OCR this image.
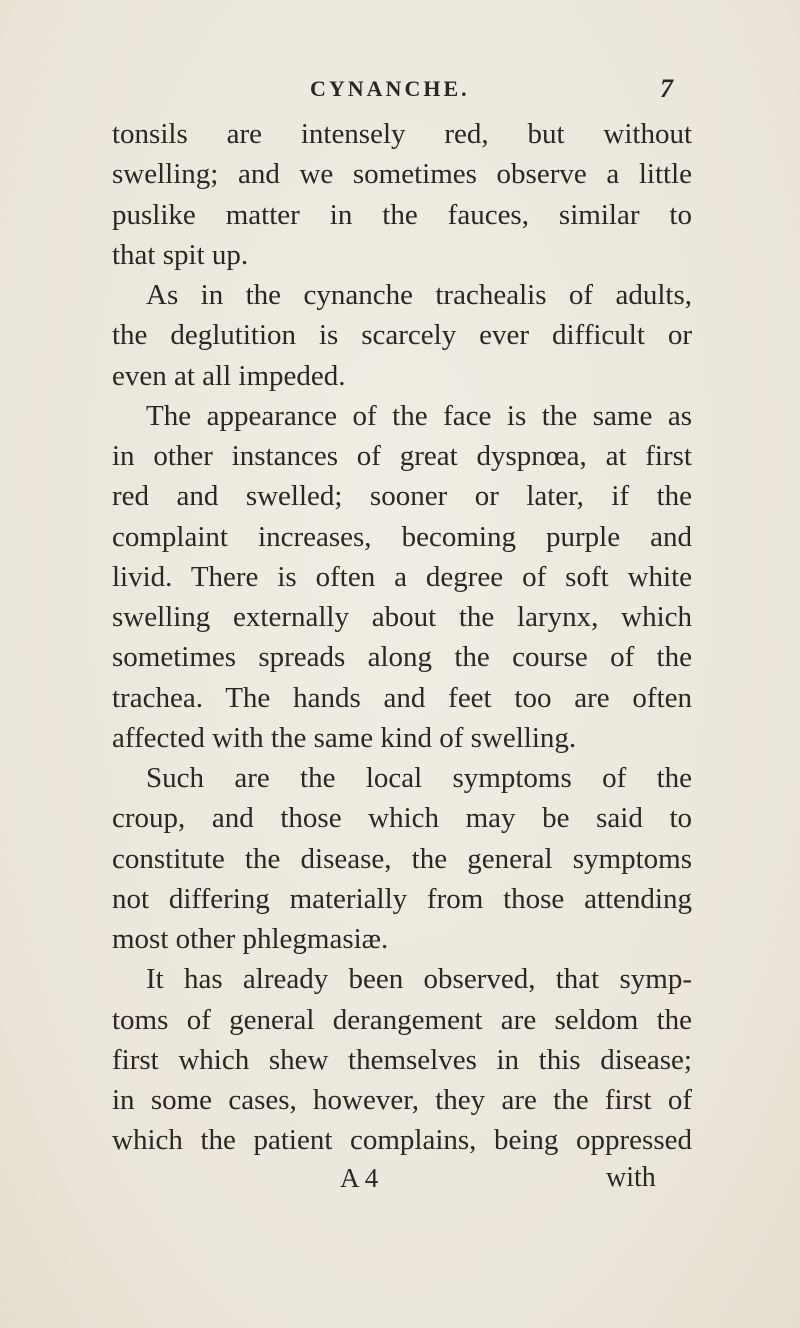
CYNANCHE.	7
tonsils are intensely red, but without
swelling; and we sometimes observe a little
puslike matter in the fauces, similar to
that spit up.
As in the cynanche trachealis of adults,
the deglutition is scarcely ever difficult or
even at all impeded.
The appearance of the face is the same as
in other instances of great dyspnœa, at first
red and swelled; sooner or later, if the
complaint increases, becoming purple and
livid. There is often a degree of soft white
swelling externally about the larynx, which
sometimes spreads along the course of the
trachea. The hands and feet too are often
affected with the same kind of swelling.
Such are the local symptoms of the
croup, and those which may be said to
constitute the disease, the general symptoms
not differing materially from those attending
most other phlegmasiæ.
It has already been observed, that symp-
toms of general derangement are seldom the
first which shew themselves in this disease;
in some cases, however, they are the first of
which the patient complains, being oppressed
A 4	with
